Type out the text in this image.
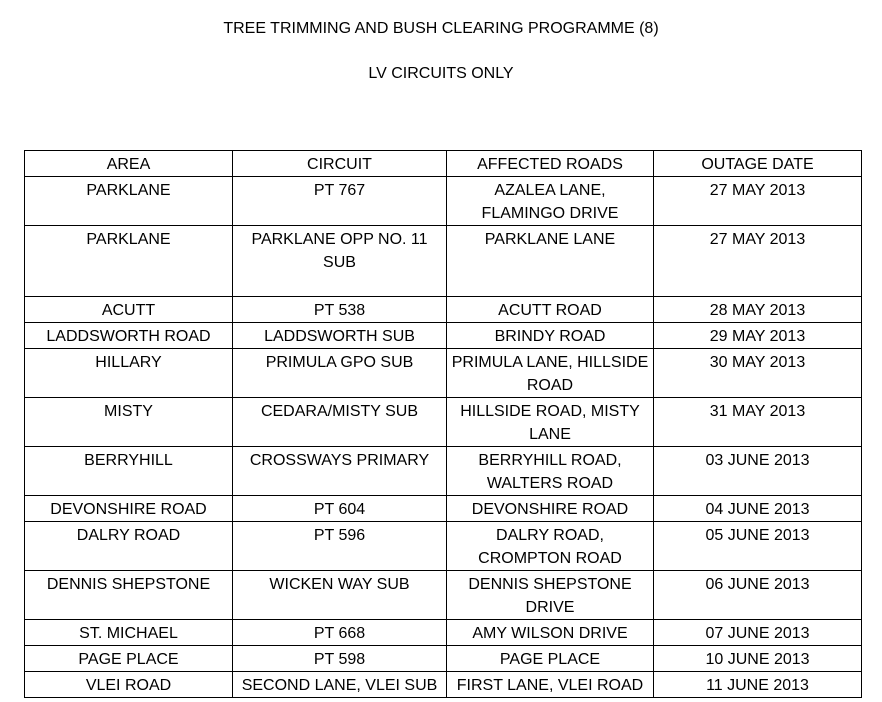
TREE TRIMMING AND BUSH CLEARING PROGRAMME (8)
LV CIRCUITS ONLY
AREA	CIRCUIT	AFFECTED ROADS	OUTAGE DATE
PARKLANE	PT 767	AZALEA LANE, FLAMINGO DRIVE	27 MAY 2013
PARKLANE	PARKLANE OPP NO. 11 SUB	PARKLANE LANE	27 MAY 2013
ACUTT	PT 538	ACUTT ROAD	28 MAY 2013
LADDSWORTH ROAD	LADDSWORTH SUB	BRINDY ROAD	29 MAY 2013
HILLARY	PRIMULA GPO SUB	PRIMULA LANE, HILLSIDE ROAD	30 MAY 2013
MISTY	CEDARA/MISTY SUB	HILLSIDE ROAD, MISTY LANE	31 MAY 2013
BERRYHILL	CROSSWAYS PRIMARY	BERRYHILL ROAD, WALTERS ROAD	03 JUNE 2013
DEVONSHIRE ROAD	PT 604	DEVONSHIRE ROAD	04 JUNE 2013
DALRY ROAD	PT 596	DALRY ROAD, CROMPTON ROAD	05 JUNE 2013
DENNIS SHEPSTONE	WICKEN WAY SUB	DENNIS SHEPSTONE DRIVE	06 JUNE 2013
ST. MICHAEL	PT 668	AMY WILSON DRIVE	07 JUNE 2013
PAGE PLACE	PT 598	PAGE PLACE	10 JUNE 2013
VLEI ROAD	SECOND LANE, VLEI SUB	FIRST LANE, VLEI ROAD	11 JUNE 2013
